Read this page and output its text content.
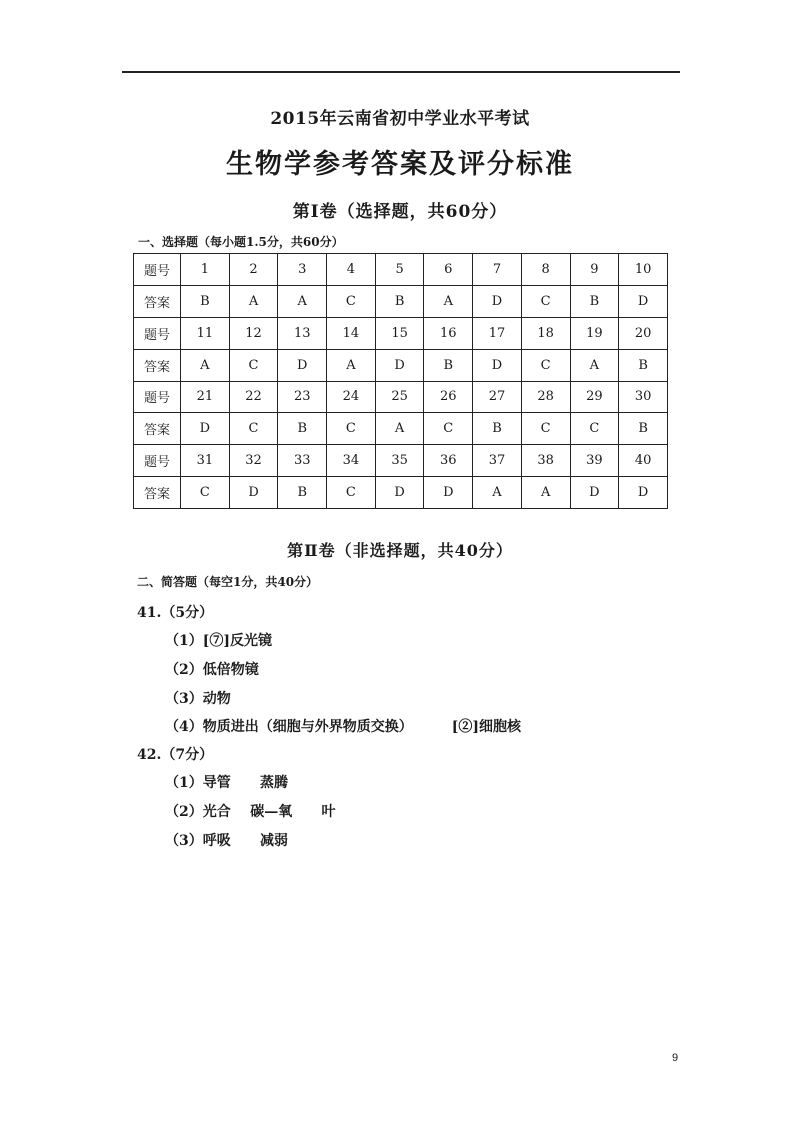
2015年云南省初中学业水平考试
生物学参考答案及评分标准
第Ⅰ卷（选择题，共60分）
一、选择题（每小题1.5分，共60分）
题号	1	2	3	4	5	6	7	8	9	10
答案	B	A	A	C	B	A	D	C	B	D
题号	11	12	13	14	15	16	17	18	19	20
答案	A	C	D	A	D	B	D	C	A	B
题号	21	22	23	24	25	26	27	28	29	30
答案	D	C	B	C	A	C	B	C	C	B
题号	31	32	33	34	35	36	37	38	39	40
答案	C	D	B	C	D	D	A	A	D	D
第Ⅱ卷（非选择题，共40分）
二、简答题（每空1分，共40分）
41.（5分）
（1）[⑦]反光镜
（2）低倍物镜
（3）动物
（4）物质进出（细胞与外界物质交换）        [②]细胞核
42.（7分）
（1）导管      蒸腾
（2）光合    碳—氧      叶
（3）呼吸      减弱
9
